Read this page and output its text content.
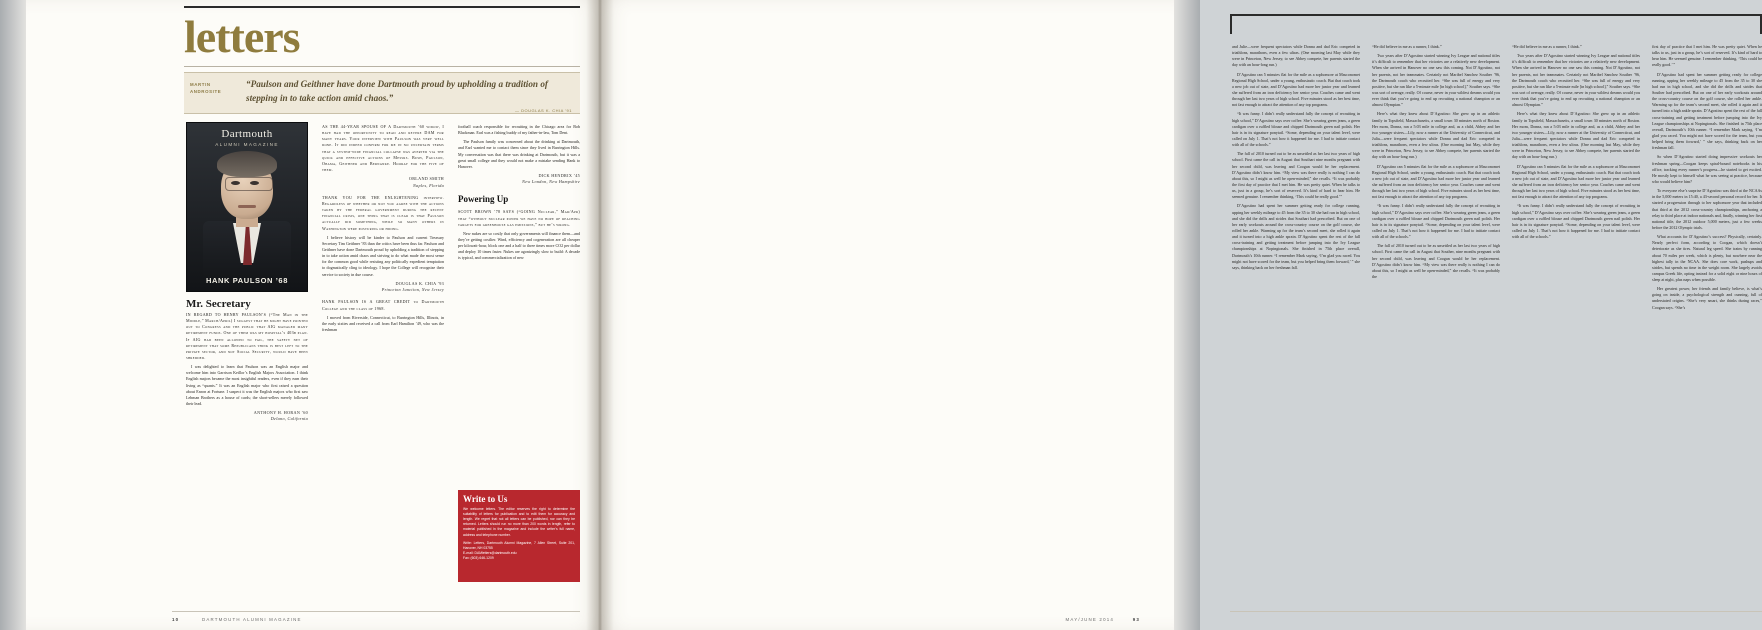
letters
MARTIN ANDROSITE
“Paulson and Geithner have done Dartmouth proud by upholding a tradition of stepping in to take action amid chaos.”
— DOUGLAS K. CHIA ’91
Dartmouth
ALUMNI MAGAZINE
HANK PAULSON ’68
Mr. Secretary

IN REGARD TO HENRY PAULSON’S (“The Man in the Middle,” March/April) I suggest that he might have pointed out to Congress and the public that AIG managed many retirement funds. One of them was my hospital’s 403b plan. If AIG had been allowed to fail, the safety net of retirement that some Republicans think is best left to the private sector, and not Social Security, would have been shredded.

I was delighted to learn that Paulson was an English major and welcome him into Garrison Keillor’s English Majors Association. I think English majors became the most insightful readers, even if they earn their living as “quants.” It was an English major who first raised a question about Enron at Fortune. I suspect it was the English majors who first saw Lehman Brothers as a house of cards; the short-sellers merely followed their lead.

ANTHONY H. HORAN ’60
Delano, California

AS THE 44-YEAR SPOUSE OF A Dartmouth ’60 widow, I have had the opportunity to read and revere DAM for many years. Your interview with Paulson was very well done. It did indeed confirm for me in no uncertain terms that a system-wide financial collapse was averted via the quick and effective actions of Messrs. Bush, Paulson, Obama, Geithner and Bernanke. Hooray for the five of them.

ORLAND SMITH
Naples, Florida

THANK YOU FOR THE ENLIGHTENING interview. Regardless of whether or not you agree with the actions taken by the federal government during the recent financial crisis, one thing that is clear is that Paulson actually did something, while so many others in Washington were posturing or hiding.

I believe history will be kinder to Paulson and current Treasury Secretary Tim Geithner ’83 than the critics have been thus far. Paulson and Geithner have done Dartmouth proud by upholding a tradition of stepping in to take action amid chaos and striving to do what made the most sense for the common good while resisting any politically expedient temptation to dogmatically cling to ideology. I hope the College will recognize their service to society in due course.

DOUGLAS K. CHIA ’93
Princeton Junction, New Jersey

HANK PAULSON IS A GREAT CREDIT to Dartmouth College and the class of 1968.

I moved from Riverside, Connecticut, to Barrington Hills, Illinois, in the early sixties and received a call from Earl Hamilton ’49, who was the freshman

football coach responsible for recruiting in the Chicago area for Bob Blackman. Earl was a fishing buddy of my father-in-law, Tom Dent.

The Paulson family was concerned about the drinking at Dartmouth, and Earl wanted me to contact them since they lived in Barrington Hills. My conversation was that there was drinking at Dartmouth, but it was a great small college and they would not make a mistake sending Hank to Hanover.

DICK HENDRIX ’45
New London, New Hampshire
Powering Up

SCOTT BROWN ’78 SAYS (“GOING Nuclear,” Mar/Apr) that “without nuclear power we have no hope of reaching targets for greenhouse gas emissions,” but he’s wrong.

New nukes are so costly that only governments will finance them—and they’re getting costlier. Wind, efficiency and cogeneration are all cheaper per kilowatt-hour, block one and a half to three times more CO2 per dollar and deploy 10 times faster. Nukes are agonizingly slow to build: A decade is typical, and commercialization of new

Write to Us
We welcome letters. The editor reserves the right to determine the suitability of letters for publication and to edit them for accuracy and length. We regret that not all letters can be published, nor can they be returned. Letters should run no more than 200 words in length, refer to material published in the magazine and include the writer’s full name, address and telephone number.
Write: Letters, Dartmouth Alumni Magazine, 7 Allen Street, Suite 201, Hanover, NH 03755
E-mail: DAMletters@dartmouth.edu
Fax: (603) 646-1209
10	DARTMOUTH ALUMNI MAGAZINE

and Julie—were frequent spectators while Donna and dad Eric competed in triathlons, marathons, even a few ultras. (One morning last May while they were in Princeton, New Jersey, to see Abbey compete, her parents started the day with an hour-long run.)

D’Agostino ran 5 minutes flat for the mile as a sophomore at Masconomet Regional High School, under a young, enthusiastic coach. But that coach took a new job out of state, and D’Agostino had more her junior year and learned she suffered from an iron deficiency her senior year. Coaches came and went through her last two years of high school. Five minutes stood as her best time, not fast enough to attract the attention of any top programs.

“It was funny. I didn’t really understand fully the concept of recruiting in high school,” D’Agostino says over coffee. She’s wearing green jeans, a green cardigan over a ruffled blouse and chipped Dartmouth green nail polish. Her hair is in its signature ponytail. “Some, depending on your talent level, were called on July 1. That’s not how it happened for me. I had to initiate contact with all of the schools.”

The fall of 2010 turned out to be as unsettled as her last two years of high school. First came the call in August that Southart nine months pregnant with her second child, was leaving and Coogan would be her replacement. D’Agostino didn’t know him. “My view was there really is nothing I can do about this, so I might as well be open-minded,” she recalls. “It was probably the first day of practice that I met him. He was pretty quiet. When he talks to us, just in a group, he’s sort of reserved. It’s kind of hard to hear him. He seemed genuine. I remember thinking, ‘This could be really good.’”

D’Agostino had spent her summer getting ready for college running, upping her weekly mileage to 45 from the 35 to 30 she had run in high school, and she did the drills and strides that Southart had prescribed. But on one of her early workouts around the cross-country course on the golf course, she rolled her ankle. Warming up for the team’s second meet, she rolled it again and it turned into a high ankle sprain. D’Agostino spent the rest of the fall cross-training and getting treatment before jumping into the Ivy League championships at Nopingtonals. She finished in 75th place overall, Dartmouth’s 10th runner. “I remember Mark saying, ‘I’m glad you raced. You might not have scored for the team, but you helped bring them forward,’ ” she says, thinking back on her freshman fall.

“He did believe in me as a runner, I think.”

Two years after D’Agostino started winning Ivy League and national titles it’s difficult to remember that her victories are a relatively new development. When she arrived in Hanover no one saw this coming. Not D’Agostino, not her parents, not her teammates. Certainly not Maribel Sanchez Souther ’96, the Dartmouth coach who recruited her. “She was full of energy and very positive, but she ran like a 5-minute mile [in high school],” Souther says. “She was sort of average, really. Of course, never in your wildest dreams would you ever think that you’re going to end up recruiting a national champion or an almost Olympian.”

Here’s what they knew about D’Agostino: She grew up in an athletic family in Topsfield, Massachusetts, a small town 30 minutes north of Boston. Her mom, Donna, ran a 5:03 mile in college and, as a child, Abbey and her two younger sisters—Lily, now a runner at the University of Connecticut, and Julia—were frequent spectators while Donna and dad Eric competed in triathlons, marathons, even a few ultras. (One morning last May, while they were in Princeton, New Jersey, to see Abbey compete, her parents started the day with an hour-long run.)

D’Agostino ran 5 minutes flat for the mile as a sophomore at Masconomet Regional High School, under a young, enthusiastic coach. But that coach took a new job out of state, and D’Agostino had more her junior year and learned she suffered from an iron deficiency her senior year. Coaches came and went through her last two years of high school. Five minutes stood as her best time, not fast enough to attract the attention of any top programs.

“It was funny. I didn’t really understand fully the concept of recruiting in high school,” D’Agostino says over coffee. She’s wearing green jeans, a green cardigan over a ruffled blouse and chipped Dartmouth green nail polish. Her hair is in its signature ponytail. “Some, depending on your talent level, were called on July 1. That’s not how it happened for me. I had to initiate contact with all of the schools.”

The fall of 2010 turned out to be as unsettled as her last two years of high school. First came the call in August that Souther, nine months pregnant with her second child, was leaving and Coogan would be her replacement. D’Agostino didn’t know him. “My view was there really is nothing I can do about this, so I might as well be open-minded,” she recalls. “It was probably the

“He did believe in me as a runner, I think.”

Two years after D’Agostino started winning Ivy League and national titles it’s difficult to remember that her victories are a relatively new development. When she arrived in Hanover no one saw this coming. Not D’Agostino, not her parents, not her teammates. Certainly not Maribel Sanchez Souther ’96, the Dartmouth coach who recruited her. “She was full of energy and very positive, but she ran like a 5-minute mile [in high school],” Souther says. “She was sort of average, really. Of course, never in your wildest dreams would you ever think that you’re going to end up recruiting a national champion or an almost Olympian.”

Here’s what they knew about D’Agostino: She grew up in an athletic family in Topsfield, Massachusetts, a small town 30 minutes north of Boston. Her mom, Donna, ran a 5:03 mile in college and, as a child, Abbey and her two younger sisters—Lily, now a runner at the University of Connecticut, and Julia—were frequent spectators while Donna and dad Eric competed in triathlons, marathons, even a few ultras. (One morning last May, while they were in Princeton, New Jersey, to see Abbey compete, her parents started the day with an hour-long run.)

D’Agostino ran 5 minutes flat for the mile as a sophomore at Masconomet Regional High School, under a young, enthusiastic coach. But that coach took a new job out of state, and D’Agostino had more her junior year and learned she suffered from an iron deficiency her senior year. Coaches came and went through her last two years of high school. Five minutes stood as her best time, not fast enough to attract the attention of any top programs.

“It was funny. I didn’t really understand fully the concept of recruiting in high school,” D’Agostino says over coffee. She’s wearing green jeans, a green cardigan over a ruffled blouse and chipped Dartmouth green nail polish. Her hair is in its signature ponytail. “Some, depending on your talent level, were called on July 1. That’s not how it happened for me. I had to initiate contact with all of the schools.”

first day of practice that I met him. He was pretty quiet. When he talks to us, just in a group, he’s sort of reserved. It’s kind of hard to hear him. He seemed genuine. I remember thinking, ‘This could be really good.’ ”

D’Agostino had spent her summer getting ready for college running, upping her weekly mileage to 45 from the 35 to 30 she had run in high school, and she did the drills and strides that Souther had prescribed. But on one of her early workouts around the cross-country course on the golf course, she rolled her ankle. Warming up for the team’s second meet, she rolled it again and it turned into a high ankle sprain. D’Agostino spent the rest of the fall cross-training and getting treatment before jumping into the Ivy League championships at Nopingtonals. She finished in 75th place overall, Dartmouth’s 10th runner. “I remember Mark saying, ‘I’m glad you raced. You might not have scored for the team, but you helped bring them forward,’ ” she says, thinking back on her freshman fall.

So when D’Agostino started doing impressive workouts her freshman spring—Coogan keeps spiral-bound notebooks in his office, tracking every runner’s progress—he started to get excited. He mostly kept to himself what he was seeing at practice, because who would believe him?

To everyone else’s surprise D’Agostino was third at the NCAAs in the 5,000 meters in 15:40, a 43-second personal record for her. It started a progression through to her sophomore year that included that third at the 2012 cross-country championships, anchoring a relay to third place at indoor nationals and, finally, winning her first national title, the 2012 outdoor 5,000 meters, just a few weeks before the 2012 Olympic trials.

What accounts for D’Agostino’s success? Physically, certainly. Nearly perfect form, according to Coogan, which doesn’t deteriorate as she tires. Natural leg speed. She trains by running about 70 miles per week, which is plenty, but nowhere near the highest tally in the NCAA. She does core work, pushups and strides, but spends no time in the weight room. She largely avoids campus Greek life, opting instead for a solid eight or nine hours of sleep at night, plus naps when possible.

Her greatest power, her friends and family believe, is what’s going on inside, a psychological strength and cunning, full of understated origins. “She’s very smart, she thinks during races,” Coogan says. “She’s

MAY/JUNE 2014	93
